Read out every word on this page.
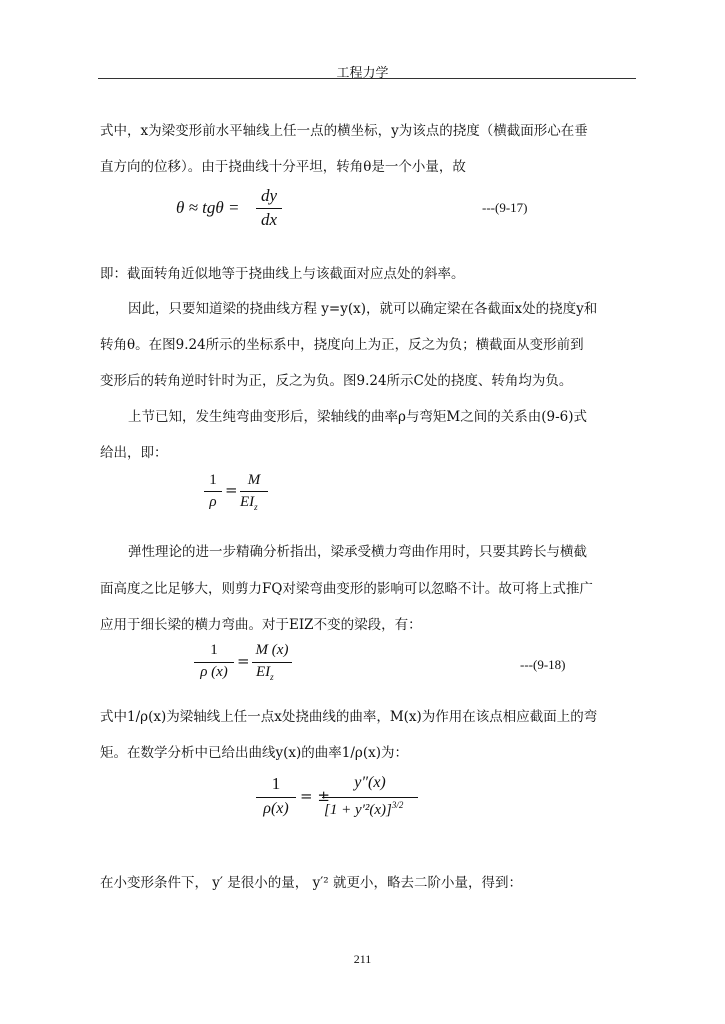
工程力学
式中，x为梁变形前水平轴线上任一点的横坐标，y为该点的挠度（横截面形心在垂
直方向的位移）。由于挠曲线十分平坦，转角θ是一个小量，故
θ ≈ tgθ =
dy
dx
---(9-17)
即：截面转角近似地等于挠曲线上与该截面对应点处的斜率。
因此，只要知道梁的挠曲线方程 y=y(x)，就可以确定梁在各截面x处的挠度y和
转角θ。在图9.24所示的坐标系中，挠度向上为正，反之为负；横截面从变形前到
变形后的转角逆时针时为正，反之为负。图9.24所示C处的挠度、转角均为负。
上节已知，发生纯弯曲变形后，梁轴线的曲率ρ与弯矩M之间的关系由(9-6)式
给出，即：
1
ρ
=
M
$EI_z$
弹性理论的进一步精确分析指出，梁承受横力弯曲作用时，只要其跨长与横截
面高度之比足够大，则剪力FQ对梁弯曲变形的影响可以忽略不计。故可将上式推广
应用于细长梁的横力弯曲。对于EIZ不变的梁段，有：
1
ρ (x)
=
M (x)
$EI_z$
---(9-18)
式中1/ρ(x)为梁轴线上任一点x处挠曲线的曲率，M(x)为作用在该点相应截面上的弯
矩。在数学分析中已给出曲线y(x)的曲率1/ρ(x)为：
1
ρ(x)
= ±
y″(x)
$[1 + y'^2(x)]^{3/2}$
在小变形条件下， y′ 是很小的量， y′² 就更小，略去二阶小量，得到：
211
